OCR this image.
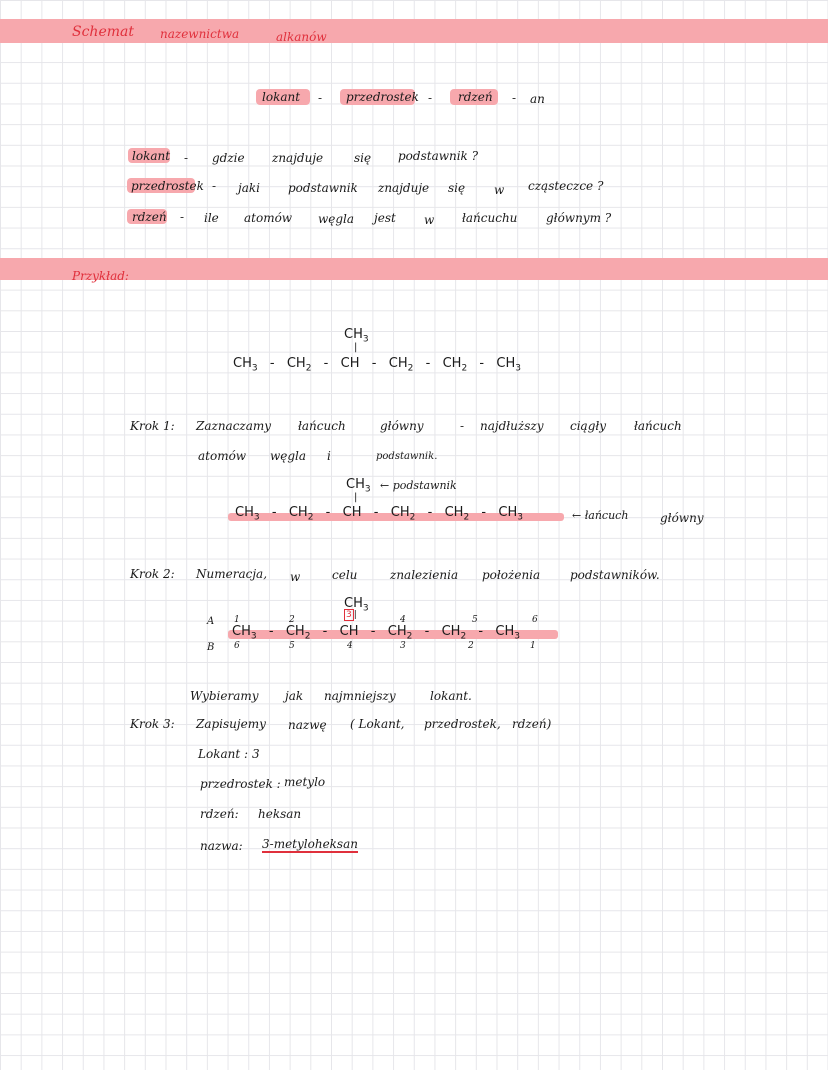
Schemat nazewnictwa	alkanów
lokant - przedrostek - rdzeń - an
lokant - gdzie znajduje	się podstawnik ?
przedrostek - jaki podstawnik znajduje się w cząsteczce ?
rdzeń - ile atomów węgla jest w łańcuchu głównym ?
Przykład:
$CH_3$
|
$CH_3 - CH_2$  -  CH  -  $CH_2 - CH_2 - CH_3$
Krok 1: Zaznaczamy łańcuch	główny	- najdłuższy ciągły łańcuch
atomów węgla i	podstawnik.
$CH_3$ ← podstawnik
|
$CH_3 - CH_2$  -  CH  -  $CH_2 - CH_2 - CH_3$	← łańcuch	główny
Krok 2: Numeracja, w	celu	znalezienia położenia podstawników.
$CH_3$
3 |
A
B
1	2	4	5	6
$CH_3 - CH_2$  -  CH  -  $CH_2 - CH_2 - CH_3$
6	5	4	3	2	1
Wybieramy jak najmniejszy	lokant.
Krok 3: Zapisujemy nazwę ( Lokant, przedrostek, rdzeń)
Lokant : 3
przedrostek : metylo
rdzeń: heksan
nazwa: 3-metyloheksan
